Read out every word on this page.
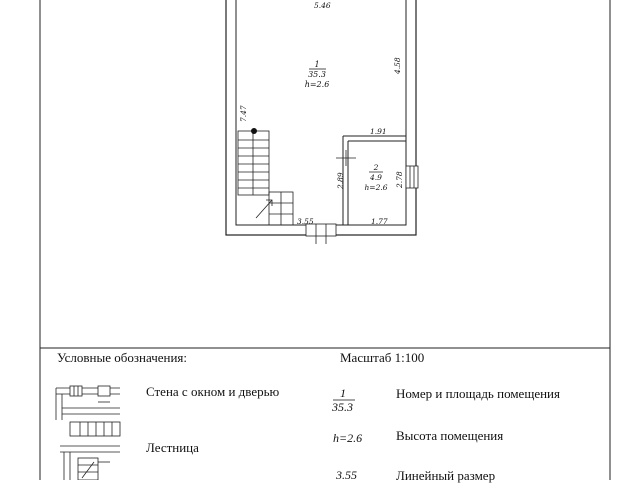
5.46
4.58
7.47
1.91
2.89	2.78
3.55	1.77
1
35.3
h=2.6
2
4.9
h=2.6
Условные обозначения:	Масштаб 1:100
Стена с окном и дверью
Лестница
1
35.3
Номер и площадь помещения
h=2.6	Высота помещения
3.55	Линейный размер
